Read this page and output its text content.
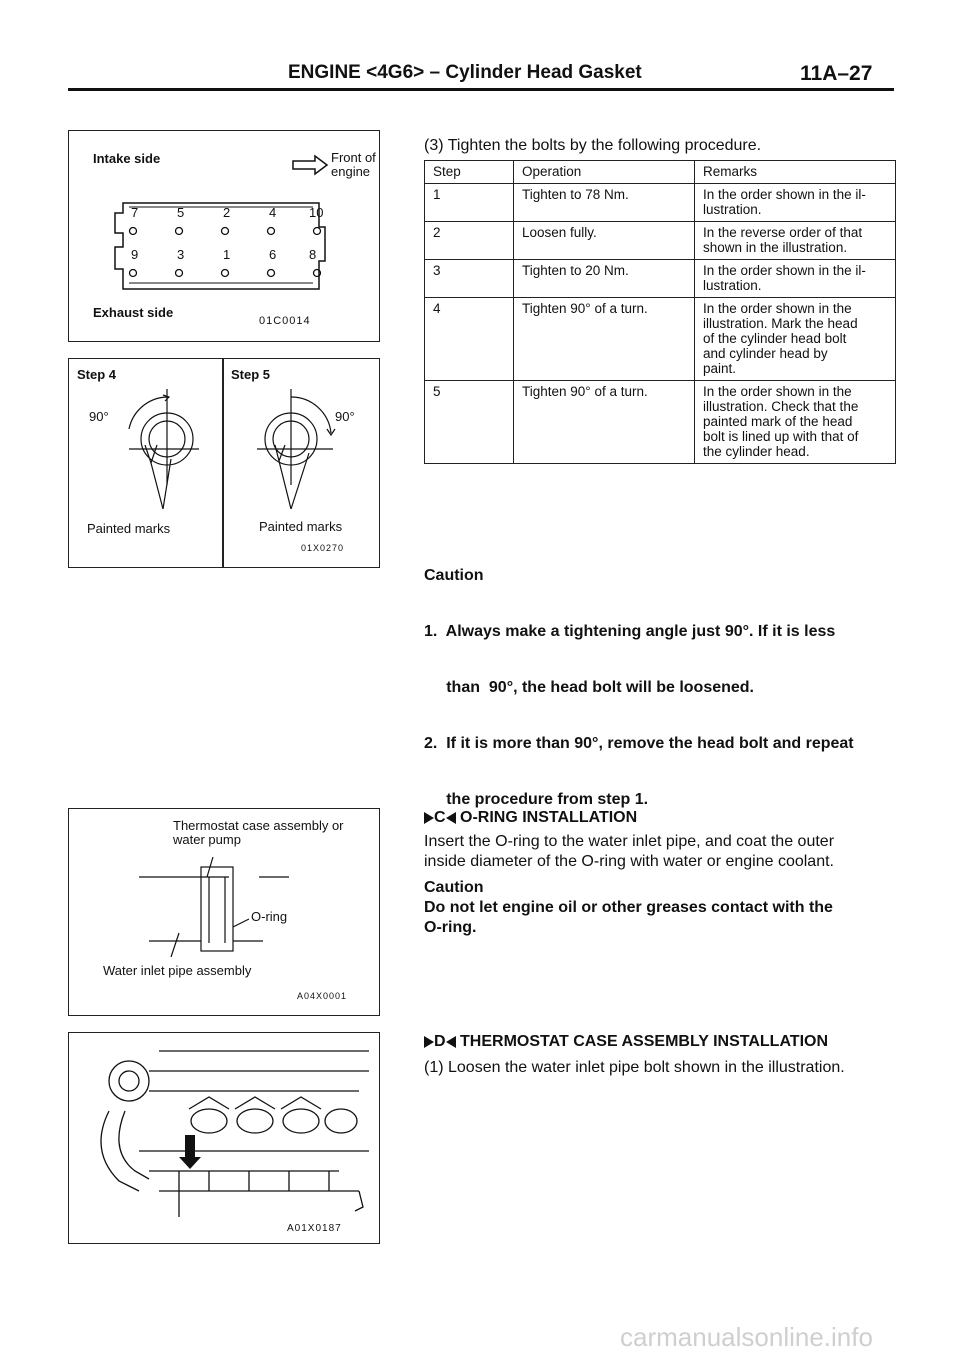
ENGINE <4G6> – Cylinder Head Gasket	11A–27
Intake side	Front of
engine
7	5	2	4	10
9	3	1	6	8
Exhaust side
01C0014
Step 4	Step 5
90°	90°
Painted marks	Painted marks
01X0270
Thermostat case assembly or
water pump
O-ring
Water inlet pipe assembly
A04X0001
A01X0187
(3) Tighten the bolts by the following procedure.
Step	Operation	Remarks
1	Tighten to 78 Nm.	In the order shown in the il-
lustration.

2	Loosen fully.	In the reverse order of that
shown in the illustration.

3	Tighten to 20 Nm.	In the order shown in the il-
lustration.

4	Tighten 90° of a turn.	In the order shown in the
illustration. Mark the head
of the cylinder head bolt
and cylinder head by
paint.

5	Tighten 90° of a turn.	In the order shown in the
illustration. Check that the
painted mark of the head
bolt is lined up with that of
the cylinder head.

Caution

1.  Always make a tightening angle just 90°. If it is less

than  90°, the head bolt will be loosened.

2.  If it is more than 90°, remove the head bolt and repeat

the procedure from step 1.

C O-RING INSTALLATION
Insert the O-ring to the water inlet pipe, and coat the outer
inside diameter of the O-ring with water or engine coolant.
Caution
Do not let engine oil or other greases contact with the
O-ring.
D THERMOSTAT CASE ASSEMBLY INSTALLATION
(1) Loosen the water inlet pipe bolt shown in the illustration.
carmanualsonline.info
